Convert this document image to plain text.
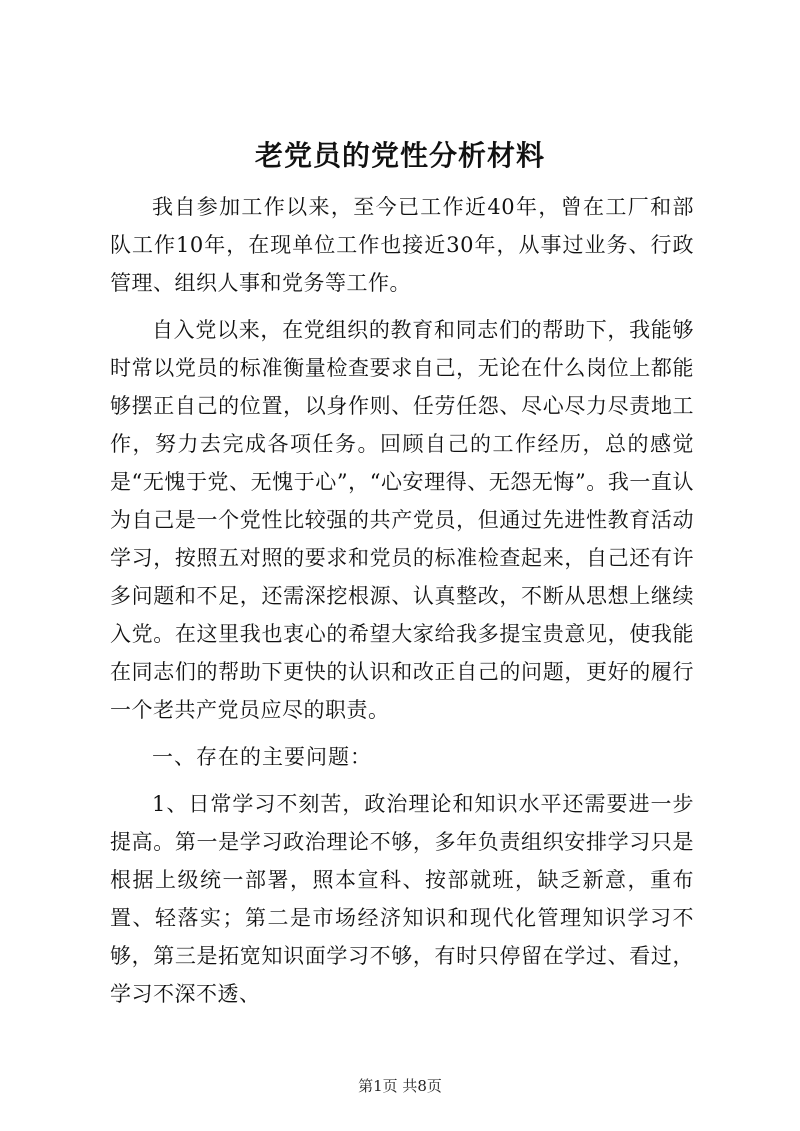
老党员的党性分析材料

我自参加工作以来，至今已工作近40年，曾在工厂和部队工作10年，在现单位工作也接近30年，从事过业务、行政管理、组织人事和党务等工作。

自入党以来，在党组织的教育和同志们的帮助下，我能够时常以党员的标准衡量检查要求自己，无论在什么岗位上都能够摆正自己的位置，以身作则、任劳任怨、尽心尽力尽责地工作，努力去完成各项任务。回顾自己的工作经历，总的感觉是“无愧于党、无愧于心”，“心安理得、无怨无悔”。我一直认为自己是一个党性比较强的共产党员，但通过先进性教育活动学习，按照五对照的要求和党员的标准检查起来，自己还有许多问题和不足，还需深挖根源、认真整改，不断从思想上继续入党。在这里我也衷心的希望大家给我多提宝贵意见，使我能在同志们的帮助下更快的认识和改正自己的问题，更好的履行一个老共产党员应尽的职责。

一、存在的主要问题：

1、日常学习不刻苦，政治理论和知识水平还需要进一步提高。第一是学习政治理论不够，多年负责组织安排学习只是根据上级统一部署，照本宣科、按部就班，缺乏新意，重布置、轻落实；第二是市场经济知识和现代化管理知识学习不够，第三是拓宽知识面学习不够，有时只停留在学过、看过，学习不深不透、

第1页 共8页
